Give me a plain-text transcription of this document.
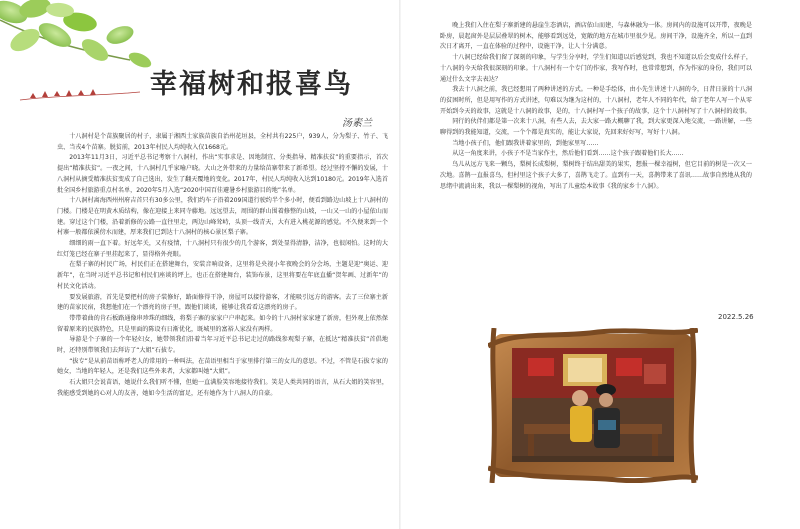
幸福树和报喜鸟
汤素兰

十八洞村是个苗族聚居的村子，隶属于湘西土家族苗族自治州花垣县，全村共有225户，939人，分为梨子、竹子、飞虫、当戎4个苗寨。脱贫前，2013年村民人均纯收入仅1668元。

2013年11月3日，习近平总书记考察十八洞村，作出“实事求是、因地制宜、分类指导、精准扶贫”的重要指示，首次提出“精准扶贫”。一夜之间，十八洞村几乎家喻户晓。大山之外带来的力量给苗寨带来了新希望。经过坚持不懈的发展，十八洞村从摘受精准扶贫变成了自己选出，发生了翻天覆地的变化。2017年，村民人均纯收入达到10180元。2019年入选首批全国乡村旅游重点村名单，2020年5月入选“2020中国百佳避暑乡村旅游目的地”名单。

十八洞村离海西州州府吉首只有30多公里，我们约车子沿着209国道行驶约半个多小时，便看到路边山坡上十八洞村的门楼。门楼是在明黄木质结构，像在迎接上来同寺藤地。远远望去，周围的群山围着修整的山坡，一山又一山的小屋依山而建。穿过这个门楼，沿着新修的公路一直往里走，两边山峰耸峙，头顶一线青天，大有进入桃花源的感觉。不久便来到一个村寨一般都依溪傍水而建，厚来我们已到达十八洞村的核心景区梨子寨。

细细的雨一直下着。好远年关，又有疫情，十八洞村只有很少的几个游客，到处显得清静，洁净，也很闲怕。这时的大红灯笼已经在寨子里挂起来了，显得格外亮眼。

在梨子寨的村民广场，村民们正在搭建舞台，安装音响设备，这里将是央视小年夜晚会的分会场，主题是迎“奥运、迎新年”，在当时习近平总书记和村民们座谈的坪上，也正在搭建舞台，装饰布景，这里将要在年底直播“贺年画、过新年”的村民文化活动。

要发展旅游，首先是要把村的房子装修好，路面修得干净，房屋可以接待游客，才能吸引远方的游客。去了三位寨主新建的苗家民宿，我想他们在一个漂亮的房子里，跟他们谈谈，能够让我看看这漂亮的房子。

带带着曲的肯石板路通像串珍珠的细线，将梨子寨的家家户户串起来。如今的十八洞村家家建了新房，但外观上依然保留着原来的民族特色，只是里面的陈设有日渐优化，既城里的富裕人家没有两样。

导游是个子寨的一个年轻妇女，她带领我们沿着当年习近平总书记走过的路线参观梨子寨，在抵达“精准扶贫”首倡地时，还特别带领我们去拜访了“大姐”石拔专。

“拔专”是从前苗语称呼老人的常用的一种叫法，在苗语里相当于家里排行第三的女儿的意思。不过，不管是石拔专家的她女，当地的年轻人，还是我们这些外来者，大家都叫她“大姐”。

石大姐只会说苗语，她说什么我们听不懂，但她一直满脸笑容地接待我们。笑是人类共同的语言，从石大姐的笑容里，我能感受到她的心对人的友善，她如今生活的富足，还有她作为十八洞人的自豪。

晚上我们入住在梨子寨新建的悬崖生态酒店，酒店依山而建，与森林融为一体。房间内的设施可以开带，夜晚是卧房，晨起窗外是层层叠翠的树木，能够看到远处，宽敞的地方在城市里很少见。房间干净，设施齐全，所以一直到次日才离开，一直在体验的过程中，设施干净，让人十分满意。

十八洞已经给我们留了深刻的印象，与学生分享时，学生们知道以后感觉到，我也不知道以后会变成什么样子，十八洞的今天给我很深刻的印象。十八洞村有一个专门的作家，我写作时，也常常想到，作为作家的身份，我们可以通过什么文字去表达？

我去十八洞之前，我已经想用了两种讲述的方式。一种是手绘体，由小先生讲述十八洞的今，日昔日景的十八洞的贫困时所，但是用写作的方式讲述，句难以为继为这村的，十八洞村，老年人不同的年代，给了老年人写一个从零开始到今天的故事，这就是十八洞的故事，是的，十八洞村写一个孩子的故事，这个十八洞村写了十八洞村的故事。

同行的伙伴们都是第一次来十八洞，有些人去，去大家一路大概聊了我，到大家更深入地交流，一路讲解，一些聊得到的我能知道，交流，一个个都是真实的，能让大家说，先回来好好写，写好十八洞。

当地小孩子们，他们跟我讲着家里的，到他家里写……

从这一角度来讲，小孩子不是当家作主，然后他们看到……这个孩子跟着他们长大……

鸟儿从远方飞来一颗鸟，梨树长成梨树，梨树终于结出甜美的果实，想报一棵幸福树，但它目前的树是一次又一次地。喜鹊一直报喜鸟，但村里这个孩子大多了，喜鹊飞走了。直到有一天，喜鹊带来了喜讯……故事自然地从我的思绪中流淌出来，我以一棵梨树的视角，写出了儿童绘本故事《我的家乡十八洞》。

2022.5.26
